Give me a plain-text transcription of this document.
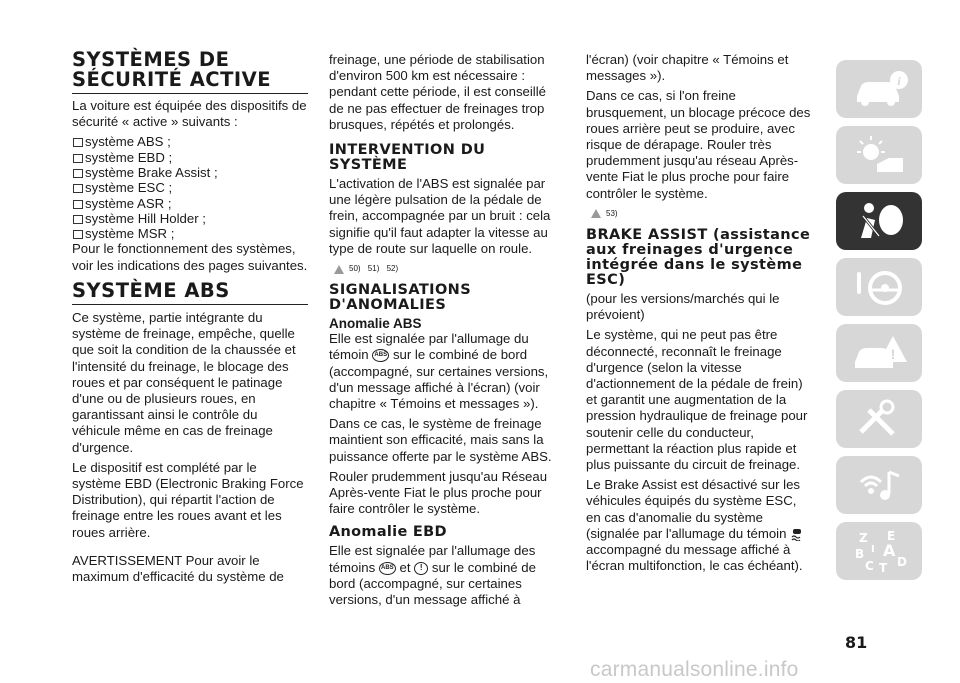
SYSTÈMES DE SÉCURITÉ ACTIVE

La voiture est équipée des dispositifs de sécurité « active » suivants :

système ABS ;
système EBD ;
système Brake Assist ;
système ESC ;
système ASR ;
système Hill Holder ;
système MSR ;

Pour le fonctionnement des systèmes, voir les indications des pages suivantes.

SYSTÈME ABS

Ce système, partie intégrante du système de freinage, empêche, quelle que soit la condition de la chaussée et l'intensité du freinage, le blocage des roues et par conséquent le patinage d'une ou de plusieurs roues, en garantissant ainsi le contrôle du véhicule même en cas de freinage d'urgence.

Le dispositif est complété par le système EBD (Electronic Braking Force Distribution), qui répartit l'action de freinage entre les roues avant et les roues arrière.

AVERTISSEMENT Pour avoir le maximum d'efficacité du système de

freinage, une période de stabilisation d'environ 500 km est nécessaire : pendant cette période, il est conseillé de ne pas effectuer de freinages trop brusques, répétés et prolongés.

INTERVENTION DU SYSTÈME

L'activation de l'ABS est signalée par une légère pulsation de la pédale de frein, accompagnée par un bruit : cela signifie qu'il faut adapter la vitesse au type de route sur laquelle on roule.

50) 51) 52)
SIGNALISATIONS D'ANOMALIES
Anomalie ABS

Elle est signalée par l'allumage du témoin ABS sur le combiné de bord (accompagné, sur certaines versions, d'un message affiché à l'écran) (voir chapitre « Témoins et messages »).

Dans ce cas, le système de freinage maintient son efficacité, mais sans la puissance offerte par le système ABS.

Rouler prudemment jusqu'au Réseau Après-vente Fiat le plus proche pour faire contrôler le système.

Anomalie EBD

Elle est signalée par l'allumage des témoins ABS et ! sur le combiné de bord (accompagné, sur certaines versions, d'un message affiché à

l'écran) (voir chapitre « Témoins et messages »).

Dans ce cas, si l'on freine brusquement, un blocage précoce des roues arrière peut se produire, avec risque de dérapage. Rouler très prudemment jusqu'au réseau Après-vente Fiat le plus proche pour faire contrôler le système.

53)
BRAKE ASSIST (assistance aux freinages d'urgence intégrée dans le système ESC)

(pour les versions/marchés qui le prévoient)

Le système, qui ne peut pas être déconnecté, reconnaît le freinage d'urgence (selon la vitesse d'actionnement de la pédale de frein) et garantit une augmentation de la pression hydraulique de freinage pour soutenir celle du conducteur, permettant la réaction plus rapide et plus puissante du circuit de freinage.

Le Brake Assist est désactivé sur les véhicules équipés du système ESC, en cas d'anomalie du système (signalée par l'allumage du témoin  accompagné du message affiché à l'écran multifonction, le cas échéant).

i
!
Z E
B A
C T D
I
81
carmanualsonline.info
